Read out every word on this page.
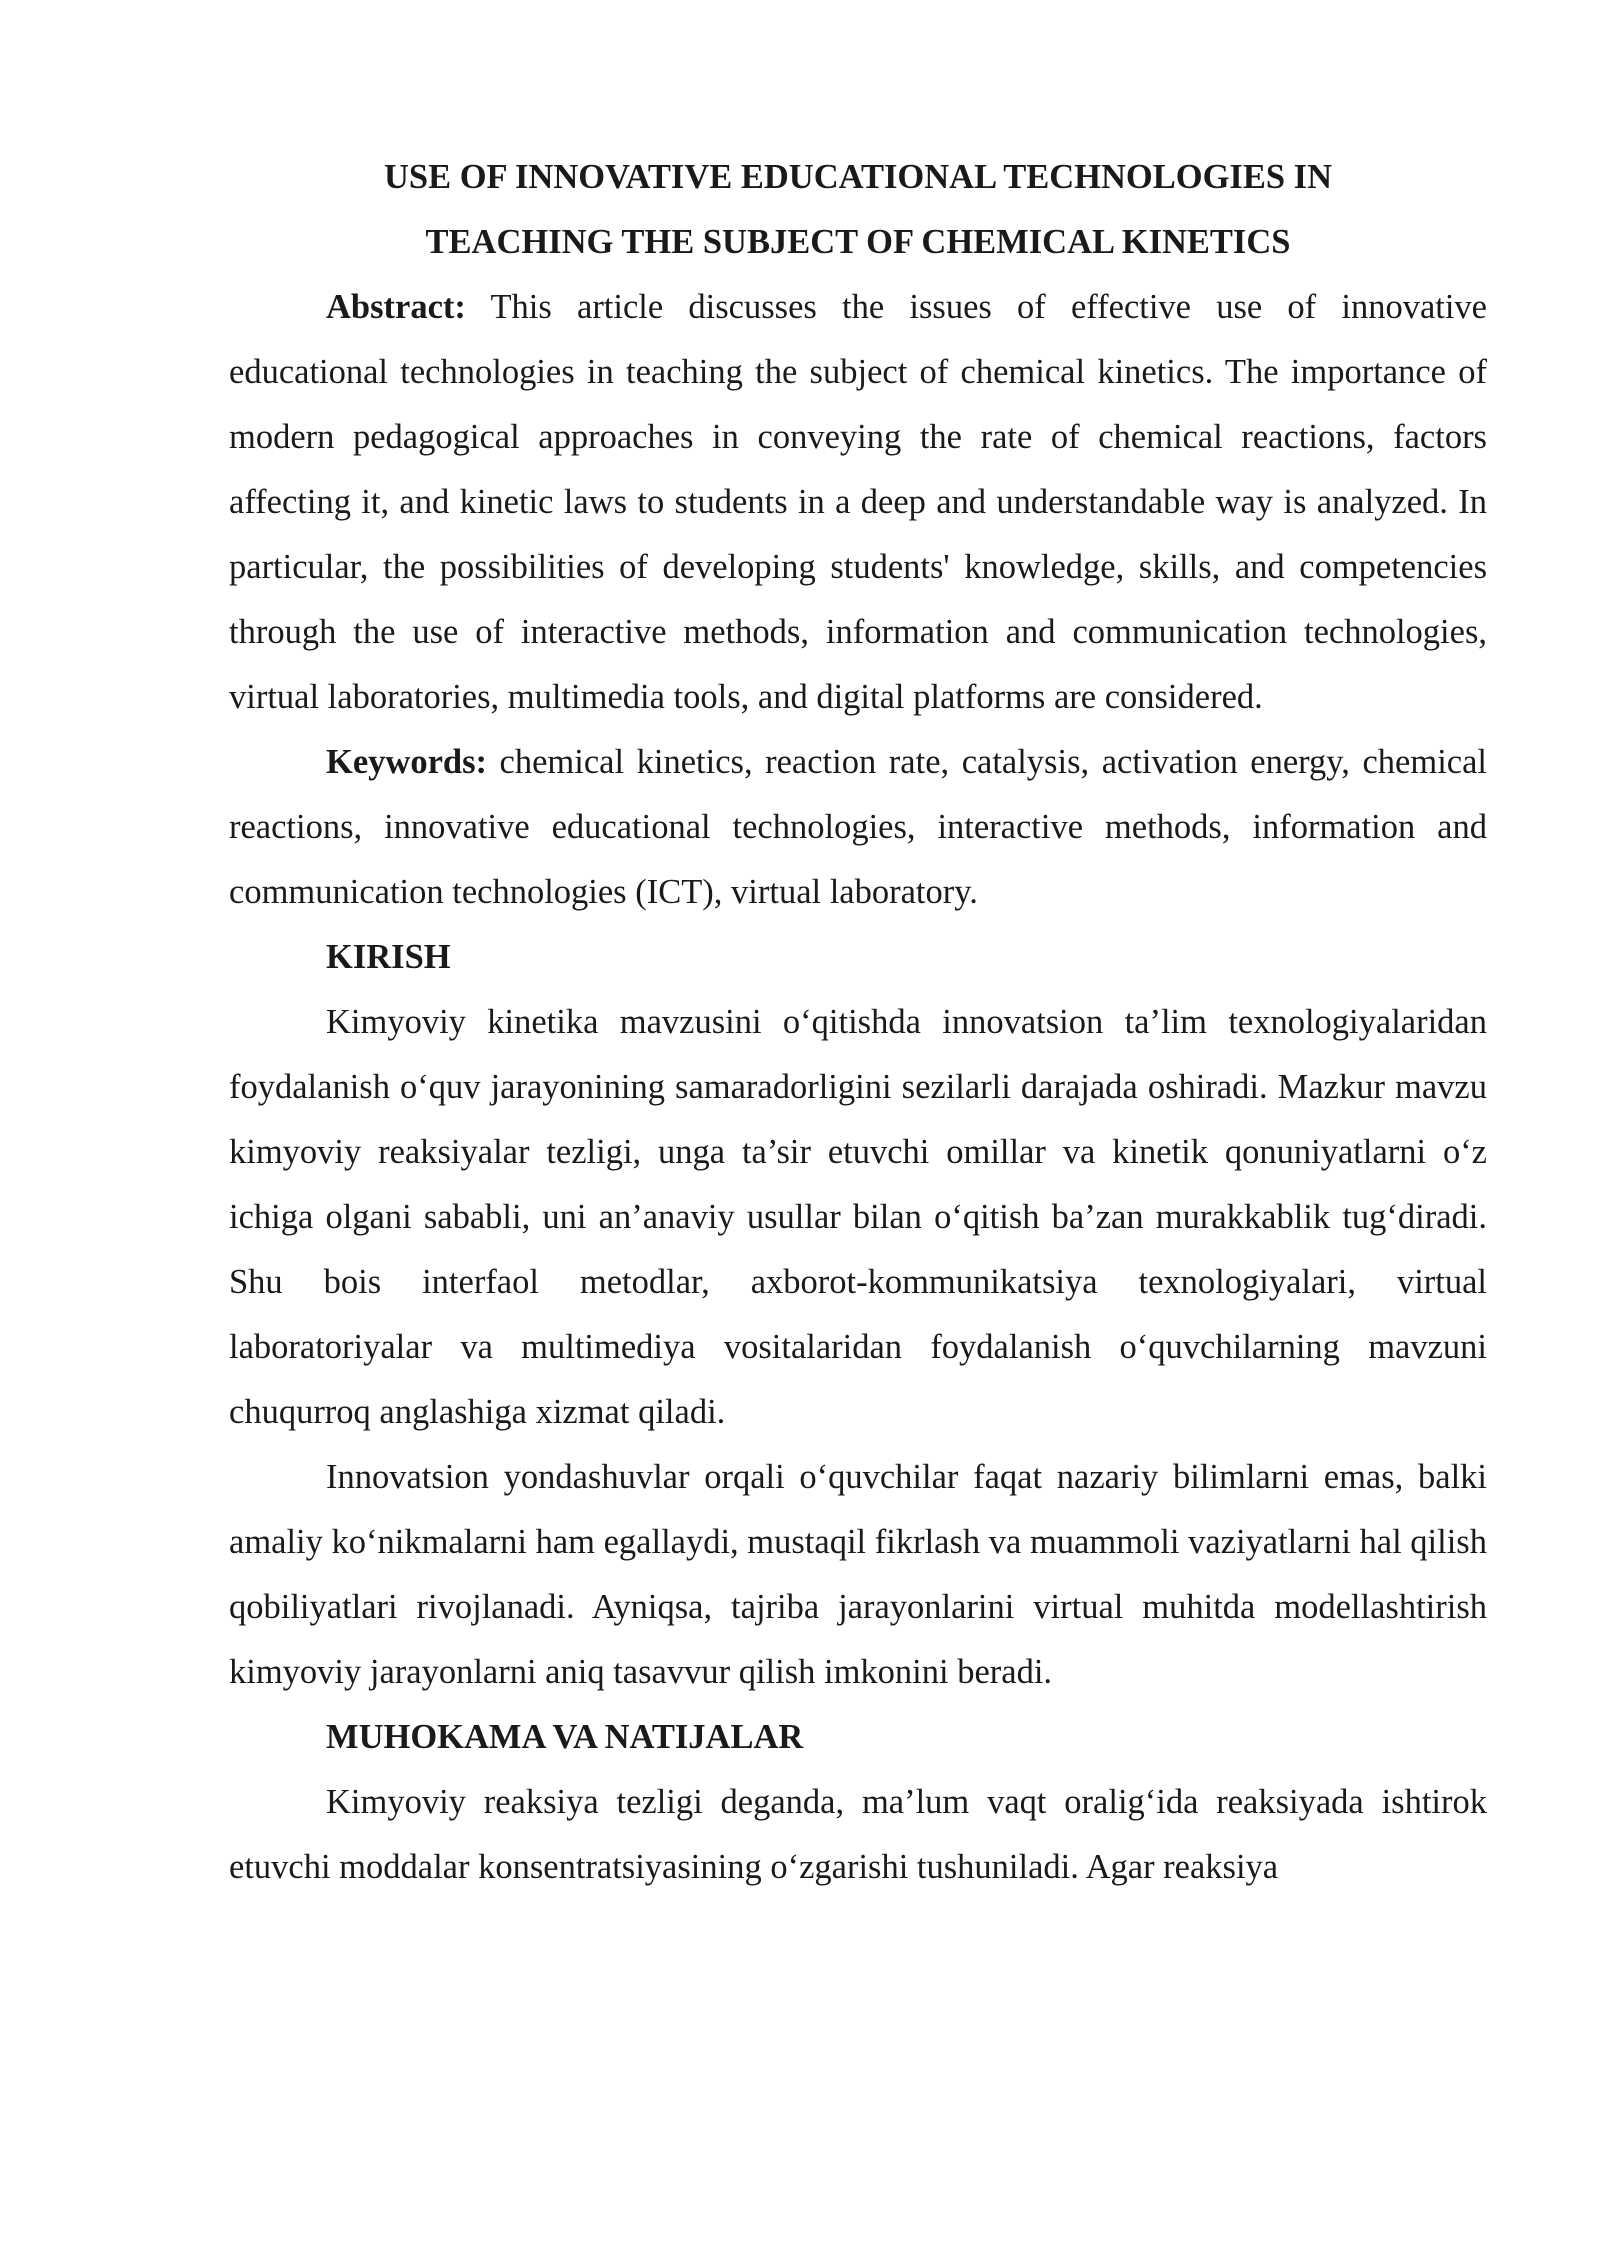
USE OF INNOVATIVE EDUCATIONAL TECHNOLOGIES IN

TEACHING THE SUBJECT OF CHEMICAL KINETICS

Abstract: This article discusses the issues of effective use of innovative educational technologies in teaching the subject of chemical kinetics. The importance of modern pedagogical approaches in conveying the rate of chemical reactions, factors affecting it, and kinetic laws to students in a deep and understandable way is analyzed. In particular, the possibilities of developing students' knowledge, skills, and competencies through the use of interactive methods, information and communication technologies, virtual laboratories, multimedia tools, and digital platforms are considered.

Keywords: chemical kinetics, reaction rate, catalysis, activation energy, chemical reactions, innovative educational technologies, interactive methods, information and communication technologies (ICT), virtual laboratory.

KIRISH

Kimyoviy kinetika mavzusini o‘qitishda innovatsion ta’lim texnologiyalaridan foydalanish o‘quv jarayonining samaradorligini sezilarli darajada oshiradi. Mazkur mavzu kimyoviy reaksiyalar tezligi, unga ta’sir etuvchi omillar va kinetik qonuniyatlarni o‘z ichiga olgani sababli, uni an’anaviy usullar bilan o‘qitish ba’zan murakkablik tug‘diradi. Shu bois interfaol metodlar, axborot-kommunikatsiya texnologiyalari, virtual laboratoriyalar va multimediya vositalaridan foydalanish o‘quvchilarning mavzuni chuqurroq anglashiga xizmat qiladi.

Innovatsion yondashuvlar orqali o‘quvchilar faqat nazariy bilimlarni emas, balki amaliy ko‘nikmalarni ham egallaydi, mustaqil fikrlash va muammoli vaziyatlarni hal qilish qobiliyatlari rivojlanadi. Ayniqsa, tajriba jarayonlarini virtual muhitda modellashtirish kimyoviy jarayonlarni aniq tasavvur qilish imkonini beradi.

MUHOKAMA VA NATIJALAR

Kimyoviy reaksiya tezligi deganda, ma’lum vaqt oralig‘ida reaksiyada ishtirok etuvchi moddalar konsentratsiyasining o‘zgarishi tushuniladi. Agar reaksiya
